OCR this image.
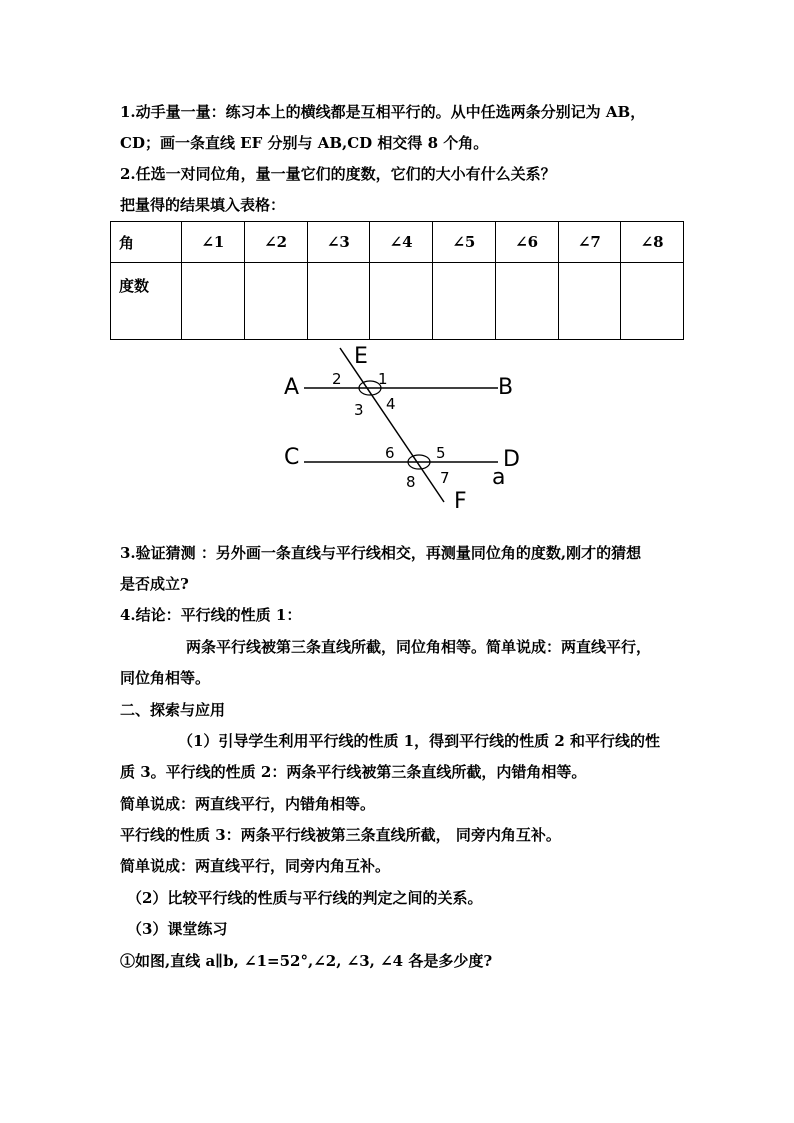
1.动手量一量：练习本上的横线都是互相平行的。从中任选两条分别记为 AB，
CD；画一条直线 EF 分别与 AB,CD 相交得 8 个角。
2.任选一对同位角，量一量它们的度数，它们的大小有什么关系？
把量得的结果填入表格：
角	∠1	∠2	∠3	∠4	∠5	∠6	∠7	∠8
度数								
E
A	B
C	D
a
F
1
2
3 4
5
6
7
8
3.验证猜测 ：另外画一条直线与平行线相交，再测量同位角的度数,刚才的猜想
是否成立?
4.结论：平行线的性质 1：
两条平行线被第三条直线所截，同位角相等。简单说成：两直线平行，
同位角相等。
二、探索与应用
（1）引导学生利用平行线的性质 1，得到平行线的性质 2 和平行线的性
质 3。平行线的性质 2：两条平行线被第三条直线所截，内错角相等。
简单说成：两直线平行，内错角相等。
平行线的性质 3：两条平行线被第三条直线所截， 同旁内角互补。
简单说成：两直线平行，同旁内角互补。
（2）比较平行线的性质与平行线的判定之间的关系。
（3）课堂练习
①如图,直线 a∥b, ∠1=52°,∠2, ∠3, ∠4 各是多少度?
